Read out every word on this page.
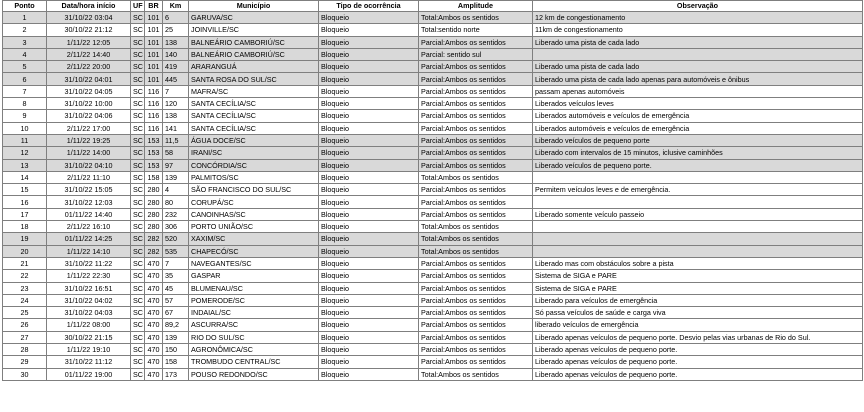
Ponto	Data/hora início	UF	BR	Km	Município	Tipo de ocorrência	Amplitude	Observação
1	31/10/22 03:04	SC	101	6	GARUVA/SC	Bloqueio	Total:Ambos os sentidos	12 km de congestionamento
2	30/10/22 21:12	SC	101	25	JOINVILLE/SC	Bloqueio	Total:sentido norte	11km de congestionamento
3	1/11/22 12:05	SC	101	138	BALNEÁRIO CAMBORIÚ/SC	Bloqueio	Parcial:Ambos os sentidos	Liberado uma pista de cada lado
4	2/11/22 14:40	SC	101	140	BALNEÁRIO CAMBORIÚ/SC	Bloqueio	Parcial: sentido sul	
5	2/11/22 20:00	SC	101	419	ARARANGUÁ	Bloqueio	Parcial:Ambos os sentidos	Liberado uma pista de cada lado
6	31/10/22 04:01	SC	101	445	SANTA ROSA DO SUL/SC	Bloqueio	Parcial:Ambos os sentidos	Liberado uma pista de cada lado apenas para automóveis e ônibus
7	31/10/22 04:05	SC	116	7	MAFRA/SC	Bloqueio	Parcial:Ambos os sentidos	passam apenas automóveis
8	31/10/22 10:00	SC	116	120	SANTA CECÍLIA/SC	Bloqueio	Parcial:Ambos os sentidos	Liberados veículos leves
9	31/10/22 04:06	SC	116	138	SANTA CECÍLIA/SC	Bloqueio	Parcial:Ambos os sentidos	Liberados automóveis e veículos de emergência
10	2/11/22 17:00	SC	116	141	SANTA CECÍLIA/SC	Bloqueio	Parcial:Ambos os sentidos	Liberados automóveis e veículos de emergência
11	1/11/22 19:25	SC	153	11,5	ÁGUA DOCE/SC	Bloqueio	Parcial:Ambos os sentidos	Liberado veículos de pequeno porte
12	1/11/22 14:00	SC	153	58	IRANI/SC	Bloqueio	Parcial:Ambos os sentidos	Liberado com intervalos de 15 minutos, iclusive caminhões
13	31/10/22 04:10	SC	153	97	CONCÓRDIA/SC	Bloqueio	Parcial:Ambos os sentidos	Liberado veículos de pequeno porte.
14	2/11/22 11:10	SC	158	139	PALMITOS/SC	Bloqueio	Total:Ambos os sentidos	
15	31/10/22 15:05	SC	280	4	SÃO FRANCISCO DO SUL/SC	Bloqueio	Parcial:Ambos os sentidos	Permitem veículos leves e de emergência.
16	31/10/22 12:03	SC	280	80	CORUPÁ/SC	Bloqueio	Parcial:Ambos os sentidos	
17	01/11/22 14:40	SC	280	232	CANOINHAS/SC	Bloqueio	Parcial:Ambos os sentidos	Liberado somente veículo passeio
18	2/11/22 16:10	SC	280	306	PORTO UNIÃO/SC	Bloqueio	Total:Ambos os sentidos	
19	01/11/22 14:25	SC	282	520	XAXIM/SC	Bloqueio	Total:Ambos os sentidos	
20	1/11/22 14:10	SC	282	535	CHAPECÓ/SC	Bloqueio	Total:Ambos os sentidos	
21	31/10/22 11:22	SC	470	7	NAVEGANTES/SC	Bloqueio	Parcial:Ambos os sentidos	Liberado mas com obstáculos sobre a pista
22	1/11/22 22:30	SC	470	35	GASPAR	Bloqueio	Parcial:Ambos os sentidos	Sistema de SIGA e PARE
23	31/10/22 16:51	SC	470	45	BLUMENAU/SC	Bloqueio	Parcial:Ambos os sentidos	Sistema de SIGA e PARE
24	31/10/22 04:02	SC	470	57	POMERODE/SC	Bloqueio	Parcial:Ambos os sentidos	Liberado para veículos de emergência
25	31/10/22 04:03	SC	470	67	INDAIAL/SC	Bloqueio	Parcial:Ambos os sentidos	Só passa veículos de saúde e carga viva
26	1/11/22 08:00	SC	470	89,2	ASCURRA/SC	Bloqueio	Parcial:Ambos os sentidos	liberado veículos de emergência
27	30/10/22 21:15	SC	470	139	RIO DO SUL/SC	Bloqueio	Parcial:Ambos os sentidos	Liberado apenas veículos de pequeno porte. Desvio pelas vias urbanas de Rio do Sul.
28	1/11/22 19:10	SC	470	150	AGRONÔMICA/SC	Bloqueio	Parcial:Ambos os sentidos	Liberado apenas veículos de pequeno porte.
29	31/10/22 11:12	SC	470	158	TROMBUDO CENTRAL/SC	Bloqueio	Parcial:Ambos os sentidos	Liberado apenas veículos de pequeno porte.
30	01/11/22 19:00	SC	470	173	POUSO REDONDO/SC	Bloqueio	Total:Ambos os sentidos	Liberado apenas veículos de pequeno porte.
